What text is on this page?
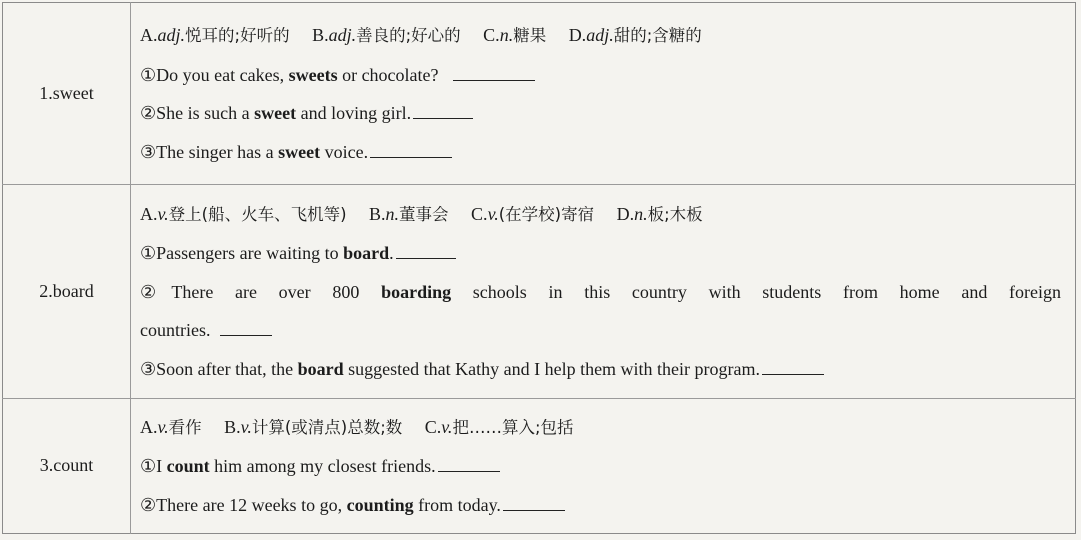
1.sweet	A.adj.悦耳的;好听的 B.adj.善良的;好心的 C.n.糖果 D.adj.甜的;含糖的
①Do you eat cakes, sweets or chocolate?
②She is such a sweet and loving girl.
③The singer has a sweet voice.

2.board	A.v.登上(船、火车、飞机等) B.n.董事会 C.v.(在学校)寄宿 D.n.板;木板
①Passengers are waiting to board.
②There are over 800 boarding schools in this country with students from home and foreign
countries.
③Soon after that, the board suggested that Kathy and I help them with their program.

3.count	A.v.看作 B.v.计算(或清点)总数;数 C.v.把……算入;包括
①I count him among my closest friends.
②There are 12 weeks to go, counting from today.
